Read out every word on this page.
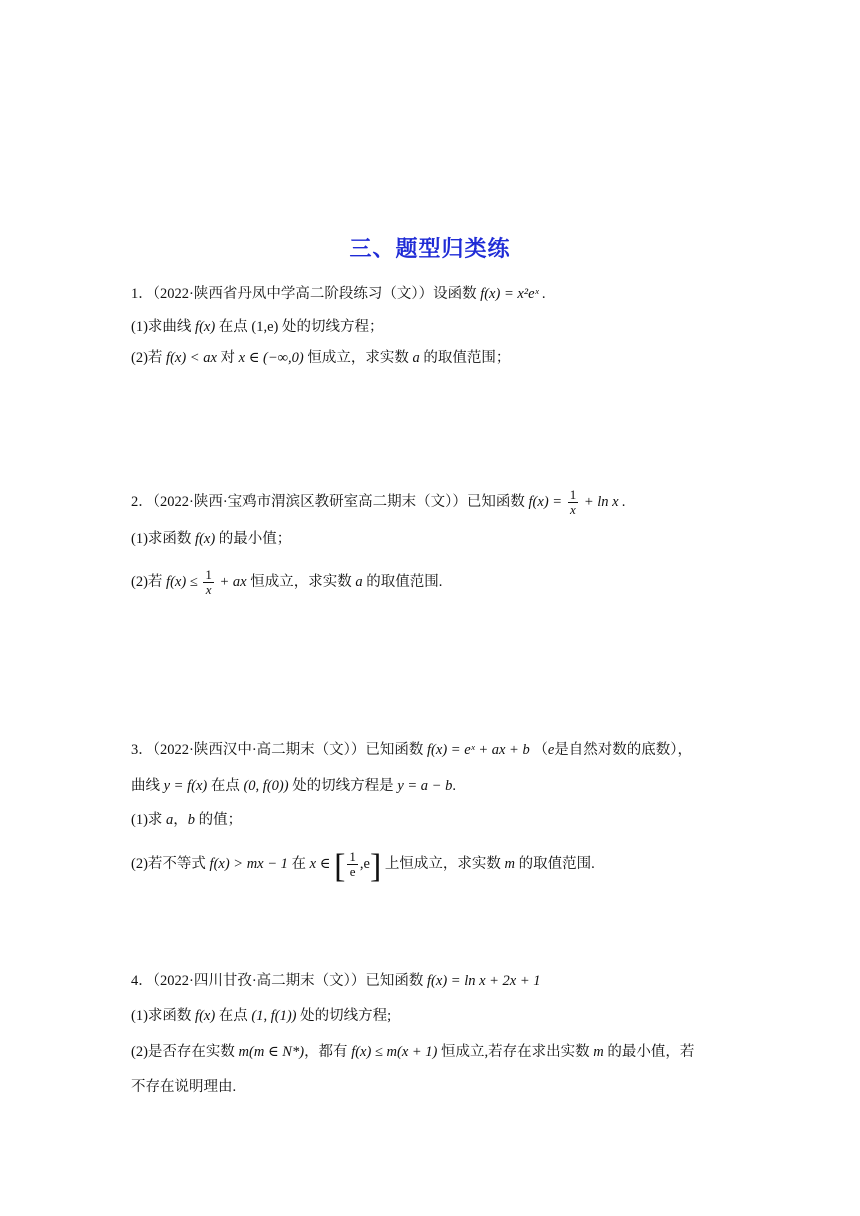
三、题型归类练
1．（2022·陕西省丹凤中学高二阶段练习（文））设函数 f(x) = x²eˣ .
(1)求曲线 f(x) 在点 (1,e) 处的切线方程；
(2)若 f(x) < ax 对 x ∈ (−∞,0) 恒成立，求实数 a 的取值范围；
2．（2022·陕西·宝鸡市渭滨区教研室高二期末（文））已知函数 $f(x) = \frac{1}{x} + \ln x$ .
(1)求函数 f(x) 的最小值；
(2)若 $f(x) \le \frac{1}{x}$ + ax 恒成立，求实数 a 的取值范围.
3．（2022·陕西汉中·高二期末（文））已知函数 f(x) = eˣ + ax + b （e是自然对数的底数），
曲线 y = f(x) 在点 (0, f(0)) 处的切线方程是 y = a − b.
(1)求 a，b 的值；
(2)若不等式 f(x) > mx − 1 在 x ∈ [ $\frac{1}{e} ,e$] 上恒成立，求实数 m 的取值范围.
4．（2022·四川甘孜·高二期末（文））已知函数 f(x) = ln x + 2x + 1
(1)求函数 f(x) 在点 (1, f(1)) 处的切线方程;
(2)是否存在实数 m(m ∈ N*)，都有 f(x) ≤ m(x + 1) 恒成立,若存在求出实数 m 的最小值，若
不存在说明理由.
